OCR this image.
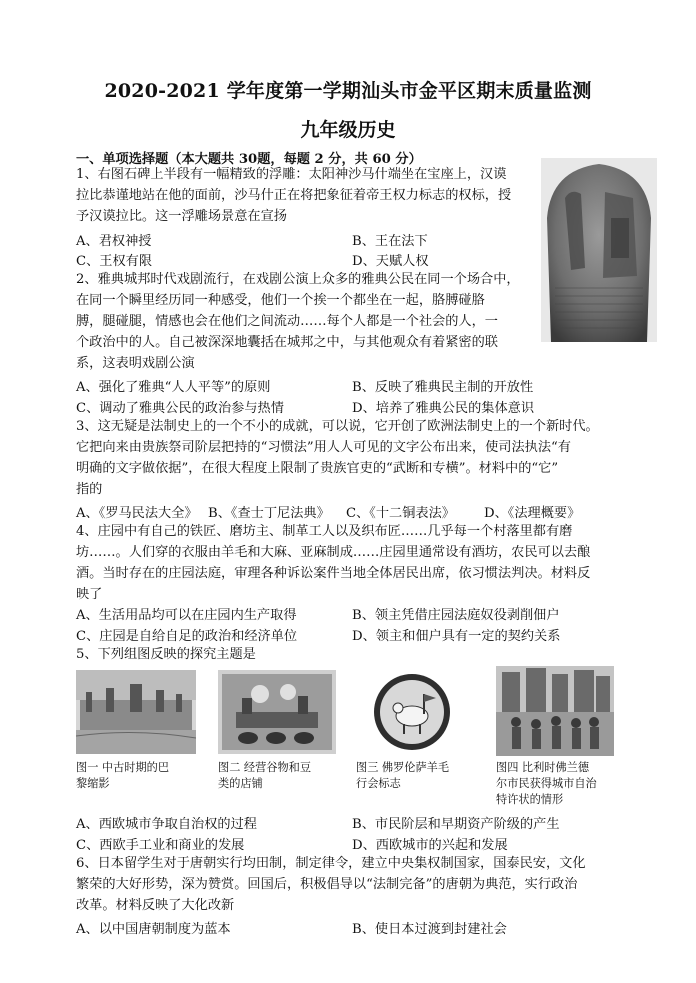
2020-2021 学年度第一学期汕头市金平区期末质量监测
九年级历史
一、单项选择题（本大题共 30题，每题 2 分，共 60 分）
1、右图石碑上半段有一幅精致的浮雕：太阳神沙马什端坐在宝座上，汉谟
拉比恭谨地站在他的面前，沙马什正在将把象征着帝王权力标志的权标，授
予汉谟拉比。这一浮雕场景意在宣扬
A、君权神授	B、王在法下
C、王权有限	D、天赋人权
2、雅典城邦时代戏剧流行，在戏剧公演上众多的雅典公民在同一个场合中，
在同一个瞬里经历同一种感受，他们一个挨一个都坐在一起，胳膊碰胳
膊，腿碰腿，情感也会在他们之间流动……每个人都是一个社会的人，一
个政治中的人。自己被深深地囊括在城邦之中，与其他观众有着紧密的联
系，这表明戏剧公演
A、强化了雅典“人人平等”的原则	B、反映了雅典民主制的开放性
C、调动了雅典公民的政治参与热情	D、培养了雅典公民的集体意识
3、这无疑是法制史上的一个不小的成就，可以说，它开创了欧洲法制史上的一个新时代。
它把向来由贵族祭司阶层把持的“习惯法”用人人可见的文字公布出来，使司法执法“有
明确的文字做依据”，在很大程度上限制了贵族官吏的“武断和专横”。材料中的“它”
指的
A、《罗马民法大全》 B、《查士丁尼法典》 C、《十二铜表法》 D、《法理概要》
4、庄园中有自己的铁匠、磨坊主、制革工人以及织布匠……几乎每一个村落里都有磨
坊……。人们穿的衣服由羊毛和大麻、亚麻制成……庄园里通常设有酒坊，农民可以去酿
酒。当时存在的庄园法庭，审理各种诉讼案件当地全体居民出席，依习惯法判决。材料反
映了
A、生活用品均可以在庄园内生产取得	B、领主凭借庄园法庭奴役剥削佃户
C、庄园是自给自足的政治和经济单位	D、领主和佃户具有一定的契约关系
5、下列组图反映的探究主题是
图一 中古时期的巴
黎缩影
图二 经营谷物和豆
类的店铺
图三 佛罗伦萨羊毛
行会标志
图四 比利时佛兰德
尔市民获得城市自治
特许状的情形
A、西欧城市争取自治权的过程	B、市民阶层和早期资产阶级的产生
C、西欧手工业和商业的发展	D、西欧城市的兴起和发展
6、日本留学生对于唐朝实行均田制，制定律令，建立中央集权制国家，国泰民安，文化
繁荣的大好形势，深为赞赏。回国后，积极倡导以“法制完备”的唐朝为典范，实行政治
改革。材料反映了大化改新
A、以中国唐朝制度为蓝本	B、使日本过渡到封建社会
